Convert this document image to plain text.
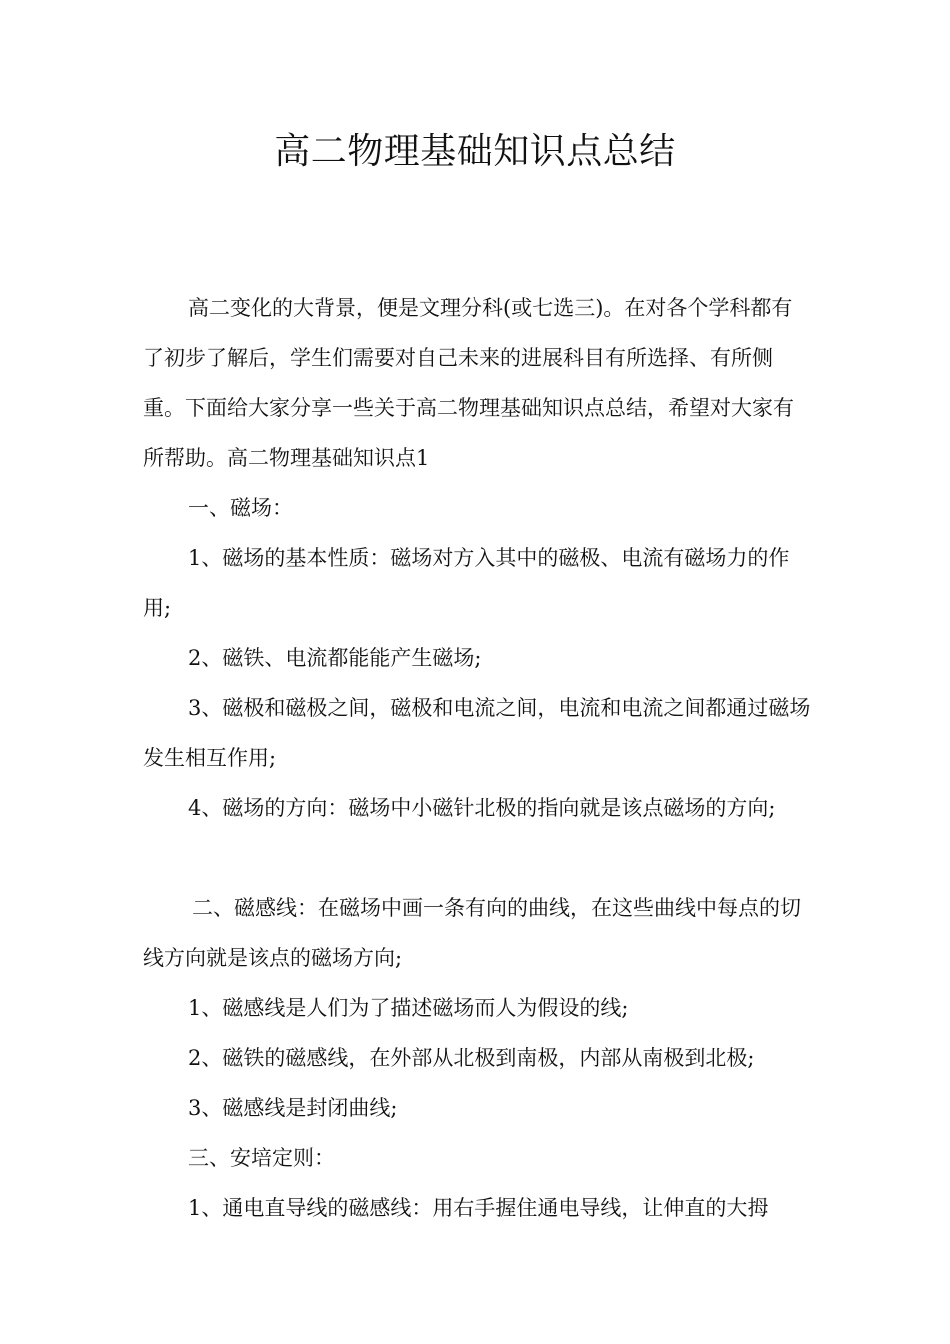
高二物理基础知识点总结

高二变化的大背景，便是文理分科(或七选三)。在对各个学科都有了初步了解后，学生们需要对自己未来的进展科目有所选择、有所侧重。下面给大家分享一些关于高二物理基础知识点总结，希望对大家有所帮助。高二物理基础知识点1

一、磁场：

1、磁场的基本性质：磁场对方入其中的磁极、电流有磁场力的作用;

2、磁铁、电流都能能产生磁场;

3、磁极和磁极之间，磁极和电流之间，电流和电流之间都通过磁场发生相互作用;

4、磁场的方向：磁场中小磁针北极的指向就是该点磁场的方向;

二、磁感线：在磁场中画一条有向的曲线，在这些曲线中每点的切线方向就是该点的磁场方向;

1、磁感线是人们为了描述磁场而人为假设的线;

2、磁铁的磁感线，在外部从北极到南极，内部从南极到北极;

3、磁感线是封闭曲线;

三、安培定则：

1、通电直导线的磁感线：用右手握住通电导线，让伸直的大拇
